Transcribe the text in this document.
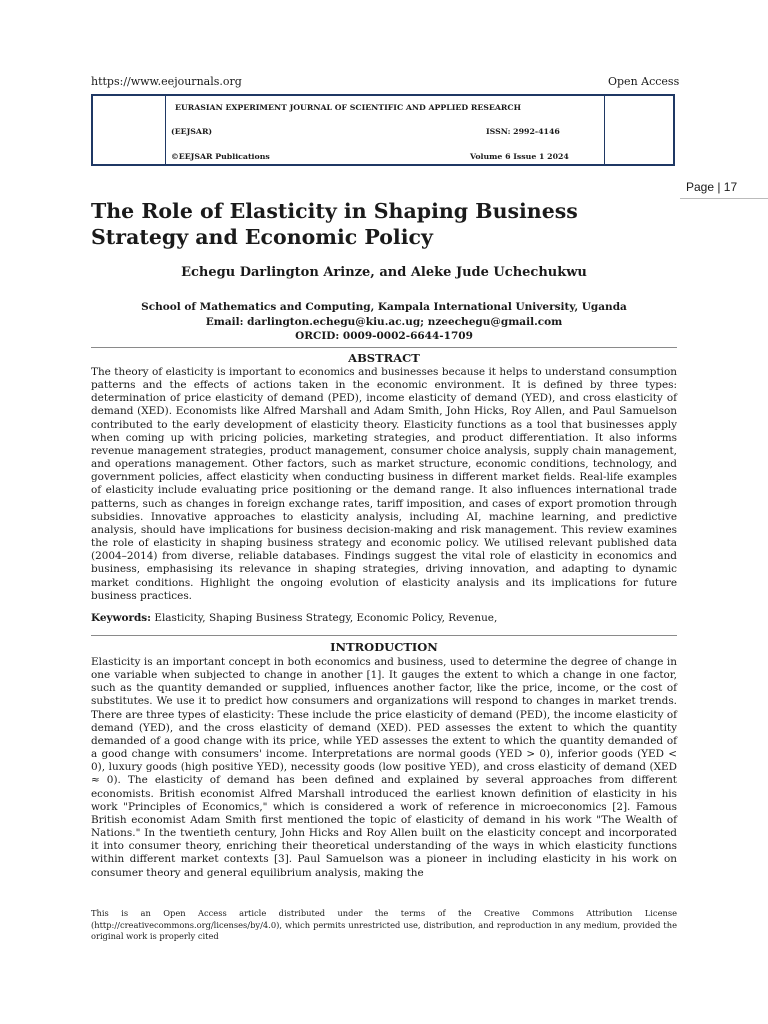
https://www.eejournals.org	Open Access
EURASIAN EXPERIMENT JOURNAL OF SCIENTIFIC AND APPLIED RESEARCH
(EEJSAR)	ISSN: 2992-4146
©EEJSAR Publications	Volume 6 Issue 1 2024
Page | 17
The Role of Elasticity in Shaping Business Strategy and Economic Policy
Echegu Darlington Arinze, and Aleke Jude Uchechukwu
School of Mathematics and Computing, Kampala International University, Uganda
Email: darlington.echegu@kiu.ac.ug; nzeechegu@gmail.com
ORCID: 0009-0002-6644-1709
ABSTRACT
The theory of elasticity is important to economics and businesses because it helps to understand consumption patterns and the effects of actions taken in the economic environment. It is defined by three types: determination of price elasticity of demand (PED), income elasticity of demand (YED), and cross elasticity of demand (XED). Economists like Alfred Marshall and Adam Smith, John Hicks, Roy Allen, and Paul Samuelson contributed to the early development of elasticity theory. Elasticity functions as a tool that businesses apply when coming up with pricing policies, marketing strategies, and product differentiation. It also informs revenue management strategies, product management, consumer choice analysis, supply chain management, and operations management. Other factors, such as market structure, economic conditions, technology, and government policies, affect elasticity when conducting business in different market fields. Real-life examples of elasticity include evaluating price positioning or the demand range. It also influences international trade patterns, such as changes in foreign exchange rates, tariff imposition, and cases of export promotion through subsidies. Innovative approaches to elasticity analysis, including AI, machine learning, and predictive analysis, should have implications for business decision-making and risk management. This review examines the role of elasticity in shaping business strategy and economic policy. We utilised relevant published data (2004–2014) from diverse, reliable databases. Findings suggest the vital role of elasticity in economics and business, emphasising its relevance in shaping strategies, driving innovation, and adapting to dynamic market conditions. Highlight the ongoing evolution of elasticity analysis and its implications for future business practices.
Keywords: Elasticity, Shaping Business Strategy, Economic Policy, Revenue,
INTRODUCTION
Elasticity is an important concept in both economics and business, used to determine the degree of change in one variable when subjected to change in another [1]. It gauges the extent to which a change in one factor, such as the quantity demanded or supplied, influences another factor, like the price, income, or the cost of substitutes. We use it to predict how consumers and organizations will respond to changes in market trends. There are three types of elasticity: These include the price elasticity of demand (PED), the income elasticity of demand (YED), and the cross elasticity of demand (XED). PED assesses the extent to which the quantity demanded of a good change with its price, while YED assesses the extent to which the quantity demanded of a good change with consumers' income. Interpretations are normal goods (YED > 0), inferior goods (YED < 0), luxury goods (high positive YED), necessity goods (low positive YED), and cross elasticity of demand (XED ≈ 0). The elasticity of demand has been defined and explained by several approaches from different economists. British economist Alfred Marshall introduced the earliest known definition of elasticity in his work "Principles of Economics," which is considered a work of reference in microeconomics [2]. Famous British economist Adam Smith first mentioned the topic of elasticity of demand in his work "The Wealth of Nations." In the twentieth century, John Hicks and Roy Allen built on the elasticity concept and incorporated it into consumer theory, enriching their theoretical understanding of the ways in which elasticity functions within different market contexts [3]. Paul Samuelson was a pioneer in including elasticity in his work on consumer theory and general equilibrium analysis, making the
This is an Open Access article distributed under the terms of the Creative Commons Attribution License (http://creativecommons.org/licenses/by/4.0), which permits unrestricted use, distribution, and reproduction in any medium, provided the original work is properly cited
